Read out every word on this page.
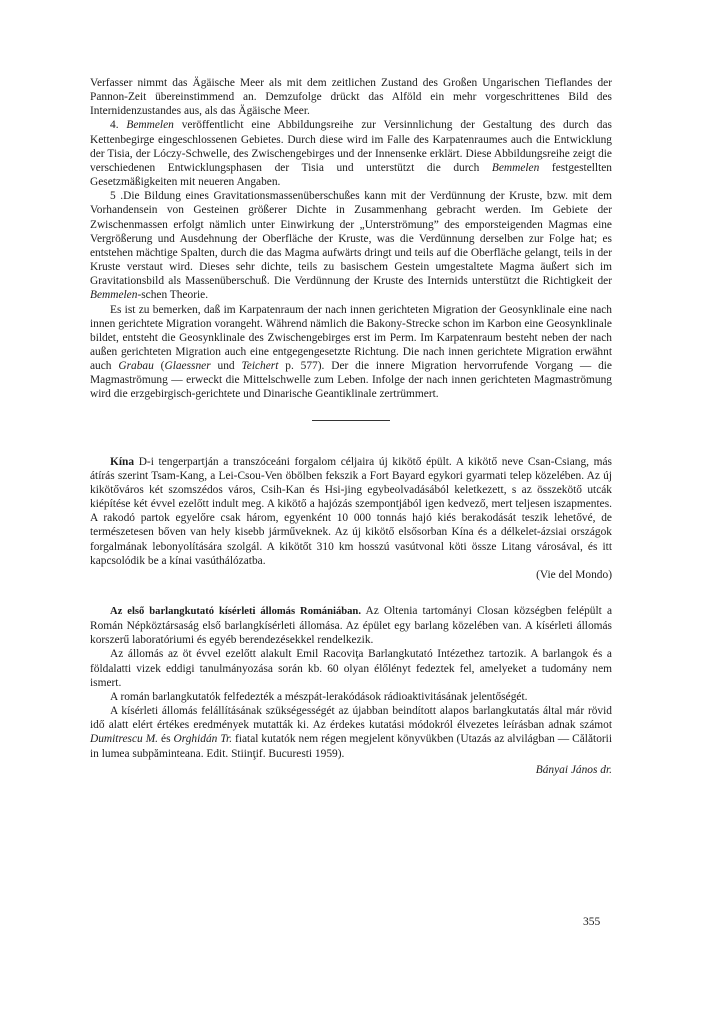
Verfasser nimmt das Ägäische Meer als mit dem zeitlichen Zustand des Großen Ungarischen Tieflandes der Pannon-Zeit übereinstimmend an. Demzufolge drückt das Alföld ein mehr vorgeschrittenes Bild des Internidenzustandes aus, als das Ägäische Meer.

4. Bemmelen veröffentlicht eine Abbildungsreihe zur Versinnlichung der Gestaltung des durch das Kettenbegirge eingeschlossenen Gebietes. Durch diese wird im Falle des Karpatenraumes auch die Entwicklung der Tisia, der Lóczy-Schwelle, des Zwischengebirges und der Innensenke erklärt. Diese Abbildungsreihe zeigt die verschiedenen Entwicklungsphasen der Tisia und unterstützt die durch Bemmelen festgestellten Gesetzmäßigkeiten mit neueren Angaben.

5 .Die Bildung eines Gravitationsmassenüberschußes kann mit der Verdünnung der Kruste, bzw. mit dem Vorhandensein von Gesteinen größerer Dichte in Zusammenhang gebracht werden. Im Gebiete der Zwischenmassen erfolgt nämlich unter Einwirkung der „Unterströmung” des emporsteigenden Magmas eine Vergrößerung und Ausdehnung der Oberfläche der Kruste, was die Verdünnung derselben zur Folge hat; es entstehen mächtige Spalten, durch die das Magma aufwärts dringt und teils auf die Oberfläche gelangt, teils in der Kruste verstaut wird. Dieses sehr dichte, teils zu basischem Gestein umgestaltete Magma äußert sich im Gravitationsbild als Massenüberschuß. Die Verdünnung der Kruste des Internids unterstützt die Richtigkeit der Bemmelen-schen Theorie.

Es ist zu bemerken, daß im Karpatenraum der nach innen gerichteten Migration der Geosynklinale eine nach innen gerichtete Migration vorangeht. Während nämlich die Bakony-Strecke schon im Karbon eine Geosynklinale bildet, entsteht die Geosynklinale des Zwischengebirges erst im Perm. Im Karpatenraum besteht neben der nach außen gerichteten Migration auch eine entgegengesetzte Richtung. Die nach innen gerichtete Migration erwähnt auch Grabau (Glaessner und Teichert p. 577). Der die innere Migration hervorrufende Vorgang — die Magmaströmung — erweckt die Mittelschwelle zum Leben. Infolge der nach innen gerichteten Magmaströmung wird die erzgebirgisch-gerichtete und Dinarische Geantiklinale zertrümmert.

Kína D-i tengerpartján a transzóceáni forgalom céljaira új kikötő épült. A kikötő neve Csan-Csiang, más átírás szerint Tsam-Kang, a Lei-Csou-Ven öbölben fekszik a Fort Bayard egykori gyarmati telep közelében. Az új kikötőváros két szomszédos város, Csih-Kan és Hsi-jing egybeolvadásából keletkezett, s az összekötő utcák kiépítése két évvel ezelőtt indult meg. A kikötő a hajózás szempontjából igen kedvező, mert teljesen iszapmentes. A rakodó partok egyelőre csak három, egyenként 10 000 tonnás hajó kiés berakodását teszik lehetővé, de természetesen bőven van hely kisebb járműveknek. Az új kikötő elsősorban Kína és a délkelet-ázsiai országok forgalmának lebonyolítására szolgál. A kikötőt 310 km hosszú vasútvonal köti össze Litang városával, és itt kapcsolódik be a kínai vasúthálózatba.

(Vie del Mondo)

Az első barlangkutató kísérleti állomás Romániában. Az Oltenia tartományi Closan községben felépült a Román Népköztársaság első barlangkísérleti állomása. Az épület egy barlang közelében van. A kísérleti állomás korszerű laboratóriumi és egyéb berendezésekkel rendelkezik.

Az állomás az öt évvel ezelőtt alakult Emil Racoviţa Barlangkutató Intézethez tartozik. A barlangok és a földalatti vizek eddigi tanulmányozása során kb. 60 olyan élőlényt fedeztek fel, amelyeket a tudomány nem ismert.

A román barlangkutatók felfedezték a mészpát-lerakódások rádioaktivitásának jelentőségét.

A kísérleti állomás felállításának szükségességét az újabban beindított alapos barlangkutatás által már rövid idő alatt elért értékes eredmények mutatták ki. Az érdekes kutatási módokról élvezetes leírásban adnak számot Dumitrescu M. és Orghidán Tr. fiatal kutatók nem régen megjelent könyvükben (Utazás az alvilágban — Călătorii in lumea subpăminteana. Edit. Stiinţif. Bucuresti 1959).

Bányai János dr.

355
